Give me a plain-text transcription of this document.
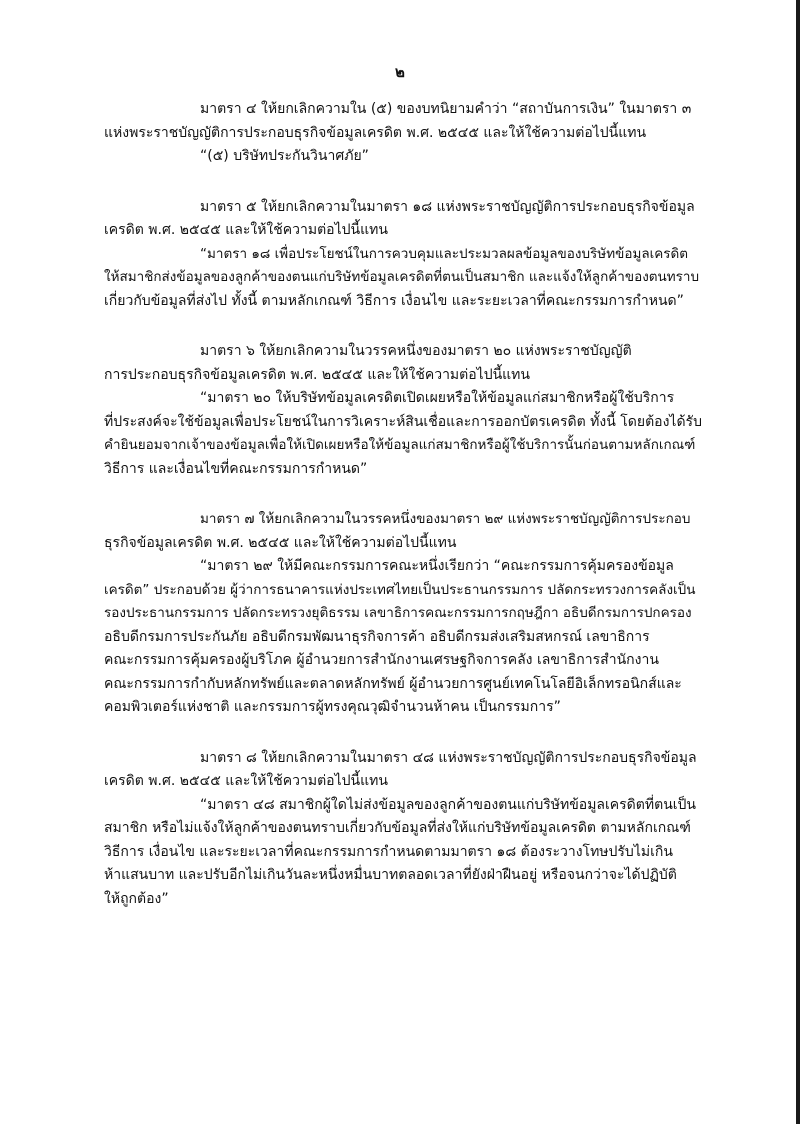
๒
มาตรา ๔ ให้ยกเลิกความใน (๕) ของบทนิยามคำว่า “สถาบันการเงิน” ในมาตรา ๓
แห่งพระราชบัญญัติการประกอบธุรกิจข้อมูลเครดิต พ.ศ. ๒๕๔๕ และให้ใช้ความต่อไปนี้แทน
“(๕) บริษัทประกันวินาศภัย”
มาตรา ๕ ให้ยกเลิกความในมาตรา ๑๘ แห่งพระราชบัญญัติการประกอบธุรกิจข้อมูล
เครดิต พ.ศ. ๒๕๔๕ และให้ใช้ความต่อไปนี้แทน
“มาตรา ๑๘ เพื่อประโยชน์ในการควบคุมและประมวลผลข้อมูลของบริษัทข้อมูลเครดิต
ให้สมาชิกส่งข้อมูลของลูกค้าของตนแก่บริษัทข้อมูลเครดิตที่ตนเป็นสมาชิก และแจ้งให้ลูกค้าของตนทราบ
เกี่ยวกับข้อมูลที่ส่งไป ทั้งนี้ ตามหลักเกณฑ์ วิธีการ เงื่อนไข และระยะเวลาที่คณะกรรมการกำหนด”
มาตรา ๖ ให้ยกเลิกความในวรรคหนึ่งของมาตรา ๒๐ แห่งพระราชบัญญัติ
การประกอบธุรกิจข้อมูลเครดิต พ.ศ. ๒๕๔๕ และให้ใช้ความต่อไปนี้แทน
“มาตรา ๒๐ ให้บริษัทข้อมูลเครดิตเปิดเผยหรือให้ข้อมูลแก่สมาชิกหรือผู้ใช้บริการ
ที่ประสงค์จะใช้ข้อมูลเพื่อประโยชน์ในการวิเคราะห์สินเชื่อและการออกบัตรเครดิต ทั้งนี้ โดยต้องได้รับ
คำยินยอมจากเจ้าของข้อมูลเพื่อให้เปิดเผยหรือให้ข้อมูลแก่สมาชิกหรือผู้ใช้บริการนั้นก่อนตามหลักเกณฑ์
วิธีการ และเงื่อนไขที่คณะกรรมการกำหนด”
มาตรา ๗ ให้ยกเลิกความในวรรคหนึ่งของมาตรา ๒๙ แห่งพระราชบัญญัติการประกอบ
ธุรกิจข้อมูลเครดิต พ.ศ. ๒๕๔๕ และให้ใช้ความต่อไปนี้แทน
“มาตรา ๒๙ ให้มีคณะกรรมการคณะหนึ่งเรียกว่า “คณะกรรมการคุ้มครองข้อมูล
เครดิต” ประกอบด้วย ผู้ว่าการธนาคารแห่งประเทศไทยเป็นประธานกรรมการ ปลัดกระทรวงการคลังเป็น
รองประธานกรรมการ ปลัดกระทรวงยุติธรรม เลขาธิการคณะกรรมการกฤษฎีกา อธิบดีกรมการปกครอง
อธิบดีกรมการประกันภัย อธิบดีกรมพัฒนาธุรกิจการค้า อธิบดีกรมส่งเสริมสหกรณ์ เลขาธิการ
คณะกรรมการคุ้มครองผู้บริโภค ผู้อำนวยการสำนักงานเศรษฐกิจการคลัง เลขาธิการสำนักงาน
คณะกรรมการกำกับหลักทรัพย์และตลาดหลักทรัพย์ ผู้อำนวยการศูนย์เทคโนโลยีอิเล็กทรอนิกส์และ
คอมพิวเตอร์แห่งชาติ และกรรมการผู้ทรงคุณวุฒิจำนวนห้าคน เป็นกรรมการ”
มาตรา ๘ ให้ยกเลิกความในมาตรา ๔๘ แห่งพระราชบัญญัติการประกอบธุรกิจข้อมูล
เครดิต พ.ศ. ๒๕๔๕ และให้ใช้ความต่อไปนี้แทน
“มาตรา ๔๘ สมาชิกผู้ใดไม่ส่งข้อมูลของลูกค้าของตนแก่บริษัทข้อมูลเครดิตที่ตนเป็น
สมาชิก หรือไม่แจ้งให้ลูกค้าของตนทราบเกี่ยวกับข้อมูลที่ส่งให้แก่บริษัทข้อมูลเครดิต ตามหลักเกณฑ์
วิธีการ เงื่อนไข และระยะเวลาที่คณะกรรมการกำหนดตามมาตรา ๑๘ ต้องระวางโทษปรับไม่เกิน
ห้าแสนบาท และปรับอีกไม่เกินวันละหนึ่งหมื่นบาทตลอดเวลาที่ยังฝ่าฝืนอยู่ หรือจนกว่าจะได้ปฏิบัติ
ให้ถูกต้อง”
